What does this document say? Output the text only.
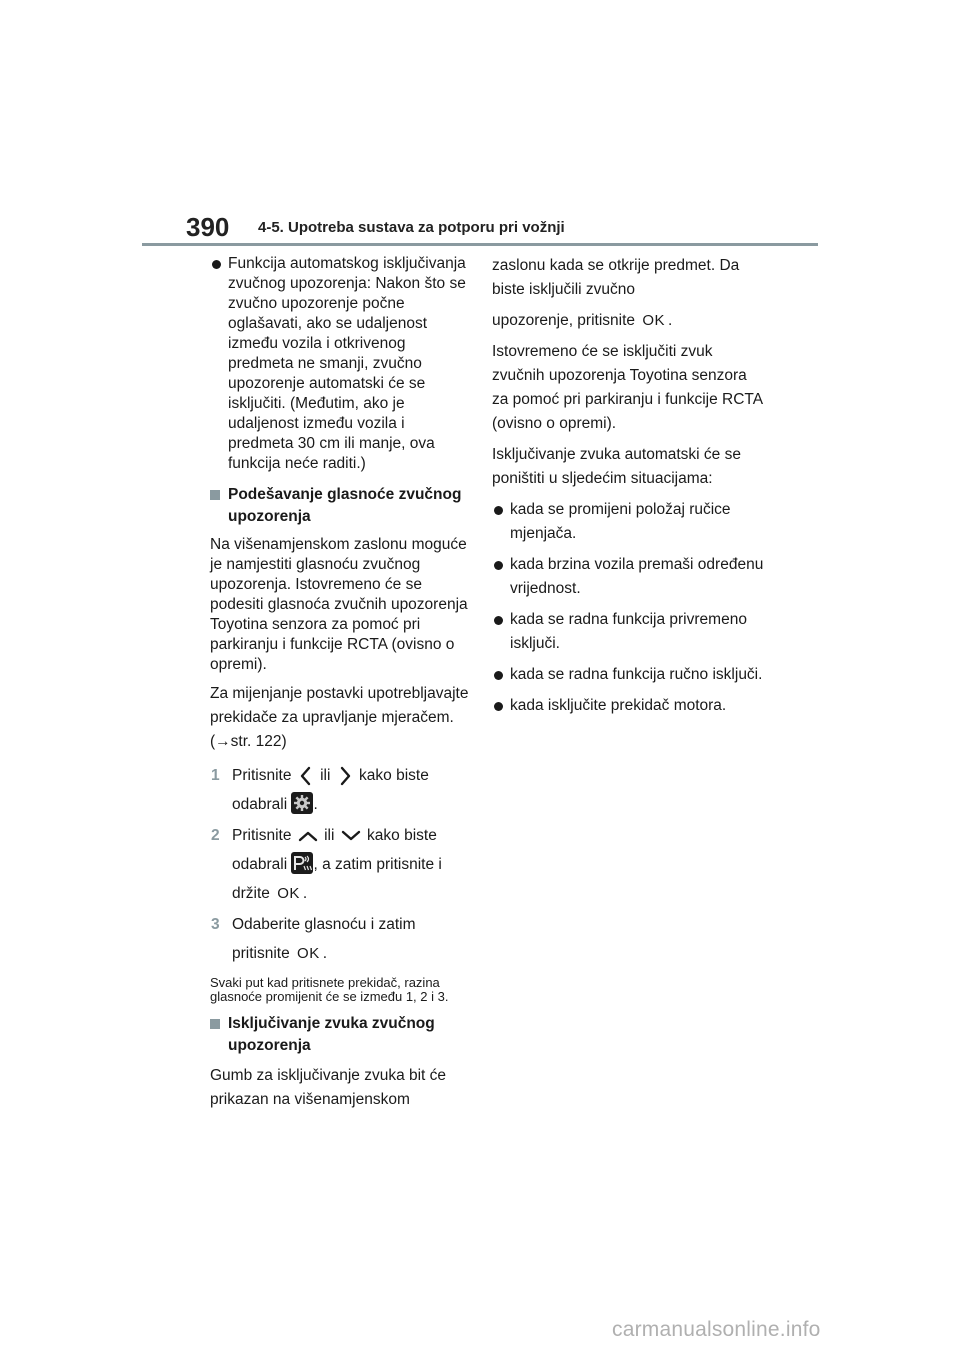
390 4-5. Upotreba sustava za potporu pri vožnji
Funkcija automatskog isključivanja zvučnog upozorenja: Nakon što se zvučno upozorenje počne oglašavati, ako se udaljenost između vozila i otkrivenog predmeta ne smanji, zvučno upozorenje automatski će se isključiti. (Međutim, ako je udaljenost između vozila i predmeta 30 cm ili manje, ova funkcija neće raditi.)
Podešavanje glasnoće zvučnog upozorenja

Na višenamjenskom zaslonu moguće je namjestiti glasnoću zvučnog upozorenja. Istovremeno će se podesiti glasnoća zvučnih upozorenja Toyotina senzora za pomoć pri parkiranju i funkcije RCTA (ovisno o opremi).

Za mijenjanje postavki upotrebljavajte prekidače za upravljanje mjeračem. (→str. 122)

1 Pritisnite ili kako biste odabrali .
2 Pritisnite ili kako biste odabrali , a zatim pritisnite i držite OK .
3 Odaberite glasnoću i zatim pritisnite OK .

Svaki put kad pritisnete prekidač, razina glasnoće promijenit će se između 1, 2 i 3.

Isključivanje zvuka zvučnog upozorenja

Gumb za isključivanje zvuka bit će prikazan na višenamjenskom

zaslonu kada se otkrije predmet. Da biste isključili zvučno

upozorenje, pritisnite OK .

Istovremeno će se isključiti zvuk zvučnih upozorenja Toyotina senzora za pomoć pri parkiranju i funkcije RCTA (ovisno o opremi).

Isključivanje zvuka automatski će se poništiti u sljedećim situacijama:

kada se promijeni položaj ručice mjenjača.
kada brzina vozila premaši određenu vrijednost.
kada se radna funkcija privremeno isključi.
kada se radna funkcija ručno isključi.
kada isključite prekidač motora.
carmanualsonline.info
